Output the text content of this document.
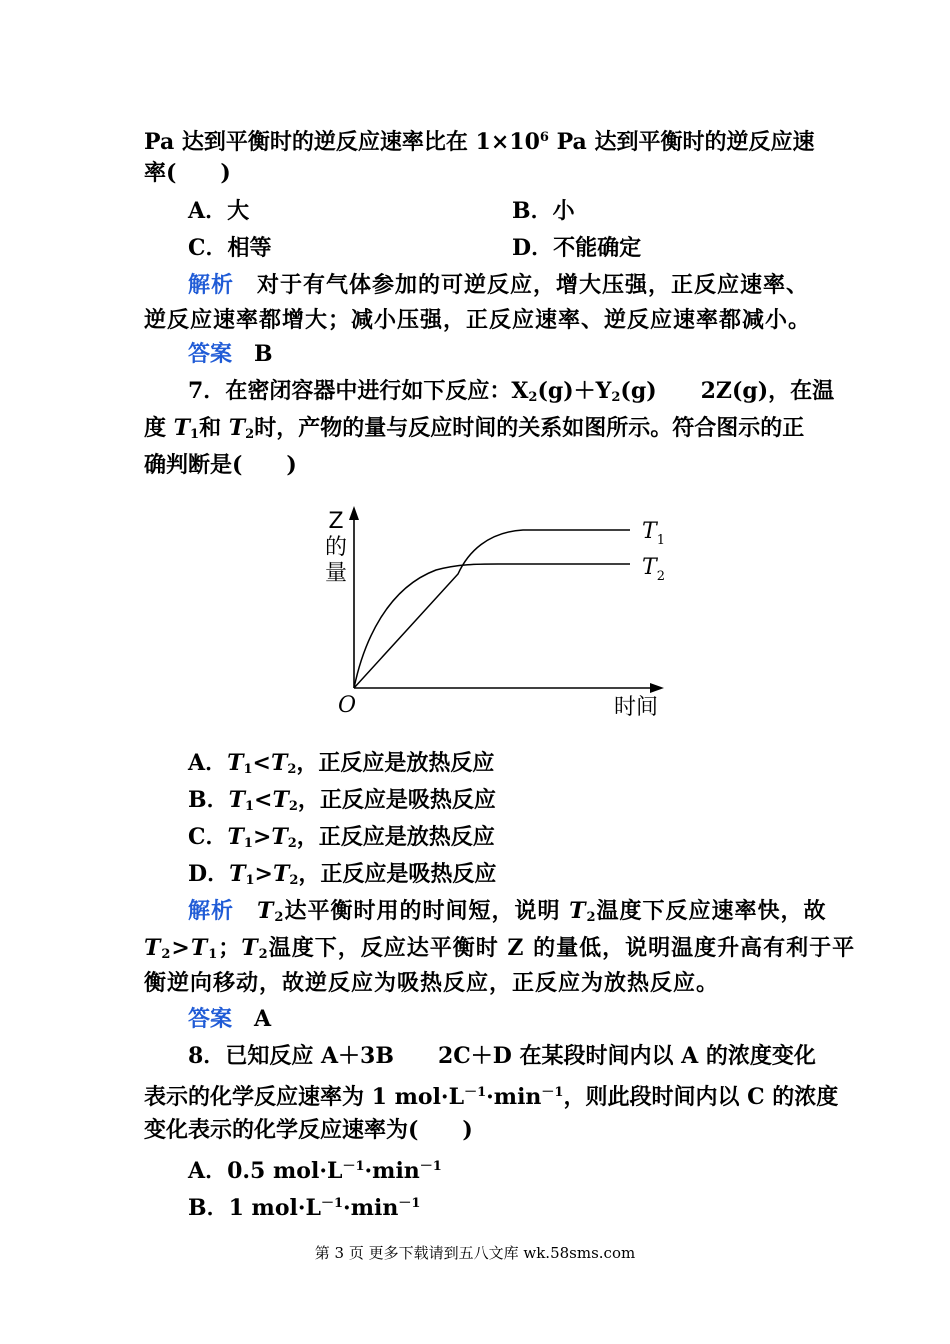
Pa 达到平衡时的逆反应速率比在 $1\times 10^6$ Pa 达到平衡时的逆反应速
率(　　)
A．大	B．小
C．相等	D．不能确定
解析　 对于有气体参加的可逆反应，增大压强，正反应速率、
逆反应速率都增大；减小压强，正反应速率、逆反应速率都减小。
答案　 B
7．在密闭容器中进行如下反应：$X_2(g)+Y_2(g)$ 2Z(g)，在温
度 $T_1$和 $T_2$时，产物的量与反应时间的关系如图所示。符合图示的正
确判断是(　　)
Z
的
量
O	时间
$T_1$
$T_2$
A．$T_1<T_2$，正反应是放热反应
B．$T_1<T_2$，正反应是吸热反应
C．$T_1>T_2$，正反应是放热反应
D．$T_1>T_2$，正反应是吸热反应
解析　 $T_2$达平衡时用的时间短，说明 $T_2$温度下反应速率快，故
$T_2>T_1$；$T_2$温度下，反应达平衡时 Z 的量低，说明温度升高有利于平
衡逆向移动，故逆反应为吸热反应，正反应为放热反应。
答案　 A
8．已知反应 A＋3B 2C＋D 在某段时间内以 A 的浓度变化
表示的化学反应速率为 1 $mol\cdot L^{-1}\cdot\min^{-1}$，则此段时间内以 C 的浓度
变化表示的化学反应速率为(　　)
A．0.5 $mol\cdot L^{-1}\cdot\min^{-1}$
B．1 $mol\cdot L^{-1}\cdot\min^{-1}$
第 3 页 更多下载请到五八文库 wk.58sms.com
